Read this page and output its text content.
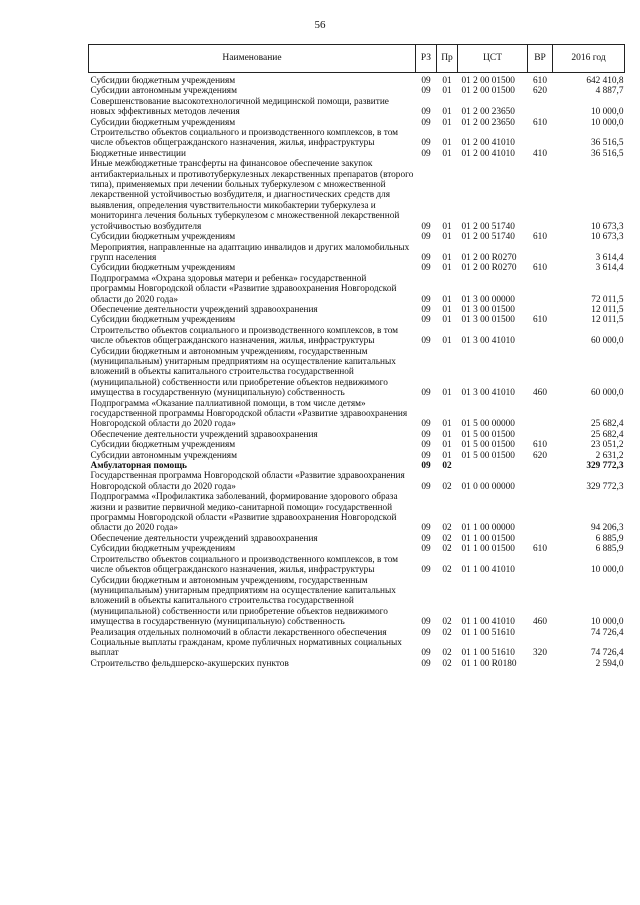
56
Наименование	РЗ	Пр	ЦСТ	ВР	2016 год
Субсидии бюджетным учреждениям	09	01	01 2 00 01500	610	642 410,8
Субсидии автономным учреждениям	09	01	01 2 00 01500	620	4 887,7
Совершенствование высокотехнологичной медицинской помощи, развитие новых эффективных методов лечения	09	01	01 2 00 23650		10 000,0
Субсидии бюджетным учреждениям	09	01	01 2 00 23650	610	10 000,0
Строительство объектов социального и производственного комплексов, в том числе объектов общегражданского назначения, жилья, инфраструктуры	09	01	01 2 00 41010		36 516,5
Бюджетные инвестиции	09	01	01 2 00 41010	410	36 516,5
Иные межбюджетные трансферты на финансовое обеспечение закупок антибактериальных и противотуберкулезных лекарственных препаратов (второго типа), применяемых при лечении больных туберкулезом с множественной лекарственной устойчивостью возбудителя, и диагностических средств для выявления, определения чувствительности микобактерии туберкулеза и мониторинга лечения больных туберкулезом с множественной лекарственной устойчивостью возбудителя	09	01	01 2 00 51740		10 673,3
Субсидии бюджетным учреждениям	09	01	01 2 00 51740	610	10 673,3
Мероприятия, направленные на адаптацию инвалидов и других маломобильных групп населения	09	01	01 2 00 R0270		3 614,4
Субсидии бюджетным учреждениям	09	01	01 2 00 R0270	610	3 614,4
Подпрограмма «Охрана здоровья матери и ребенка» государственной программы Новгородской области «Развитие здравоохранения Новгородской области до 2020 года»	09	01	01 3 00 00000		72 011,5
Обеспечение деятельности учреждений здравоохранения	09	01	01 3 00 01500		12 011,5
Субсидии бюджетным учреждениям	09	01	01 3 00 01500	610	12 011,5
Строительство объектов социального и производственного комплексов, в том числе объектов общегражданского назначения, жилья, инфраструктуры	09	01	01 3 00 41010		60 000,0
Субсидии бюджетным и автономным учреждениям, государственным (муниципальным) унитарным предприятиям на осуществление капитальных вложений в объекты капитального строительства государственной (муниципальной) собственности или приобретение объектов недвижимого имущества в государственную (муниципальную) собственность	09	01	01 3 00 41010	460	60 000,0
Подпрограмма «Оказание паллиативной помощи, в том числе детям» государственной программы Новгородской области «Развитие здравоохранения Новгородской области до 2020 года»	09	01	01 5 00 00000		25 682,4
Обеспечение деятельности учреждений здравоохранения	09	01	01 5 00 01500		25 682,4
Субсидии бюджетным учреждениям	09	01	01 5 00 01500	610	23 051,2
Субсидии автономным учреждениям	09	01	01 5 00 01500	620	2 631,2
Амбулаторная помощь	09	02			329 772,3
Государственная программа Новгородской области «Развитие здравоохранения Новгородской области до 2020 года»	09	02	01 0 00 00000		329 772,3
Подпрограмма «Профилактика заболеваний, формирование здорового образа жизни и развитие первичной медико-санитарной помощи» государственной программы Новгородской области «Развитие здравоохранения Новгородской области до 2020 года»	09	02	01 1 00 00000		94 206,3
Обеспечение деятельности учреждений здравоохранения	09	02	01 1 00 01500		6 885,9
Субсидии бюджетным учреждениям	09	02	01 1 00 01500	610	6 885,9
Строительство объектов социального и производственного комплексов, в том числе объектов общегражданского назначения, жилья, инфраструктуры	09	02	01 1 00 41010		10 000,0
Субсидии бюджетным и автономным учреждениям, государственным (муниципальным) унитарным предприятиям на осуществление капитальных вложений в объекты капитального строительства государственной (муниципальной) собственности или приобретение объектов недвижимого имущества в государственную (муниципальную) собственность	09	02	01 1 00 41010	460	10 000,0
Реализация отдельных полномочий в области лекарственного обеспечения	09	02	01 1 00 51610		74 726,4
Социальные выплаты гражданам, кроме публичных нормативных социальных выплат	09	02	01 1 00 51610	320	74 726,4
Строительство фельдшерско-акушерских пунктов	09	02	01 1 00 R0180		2 594,0
